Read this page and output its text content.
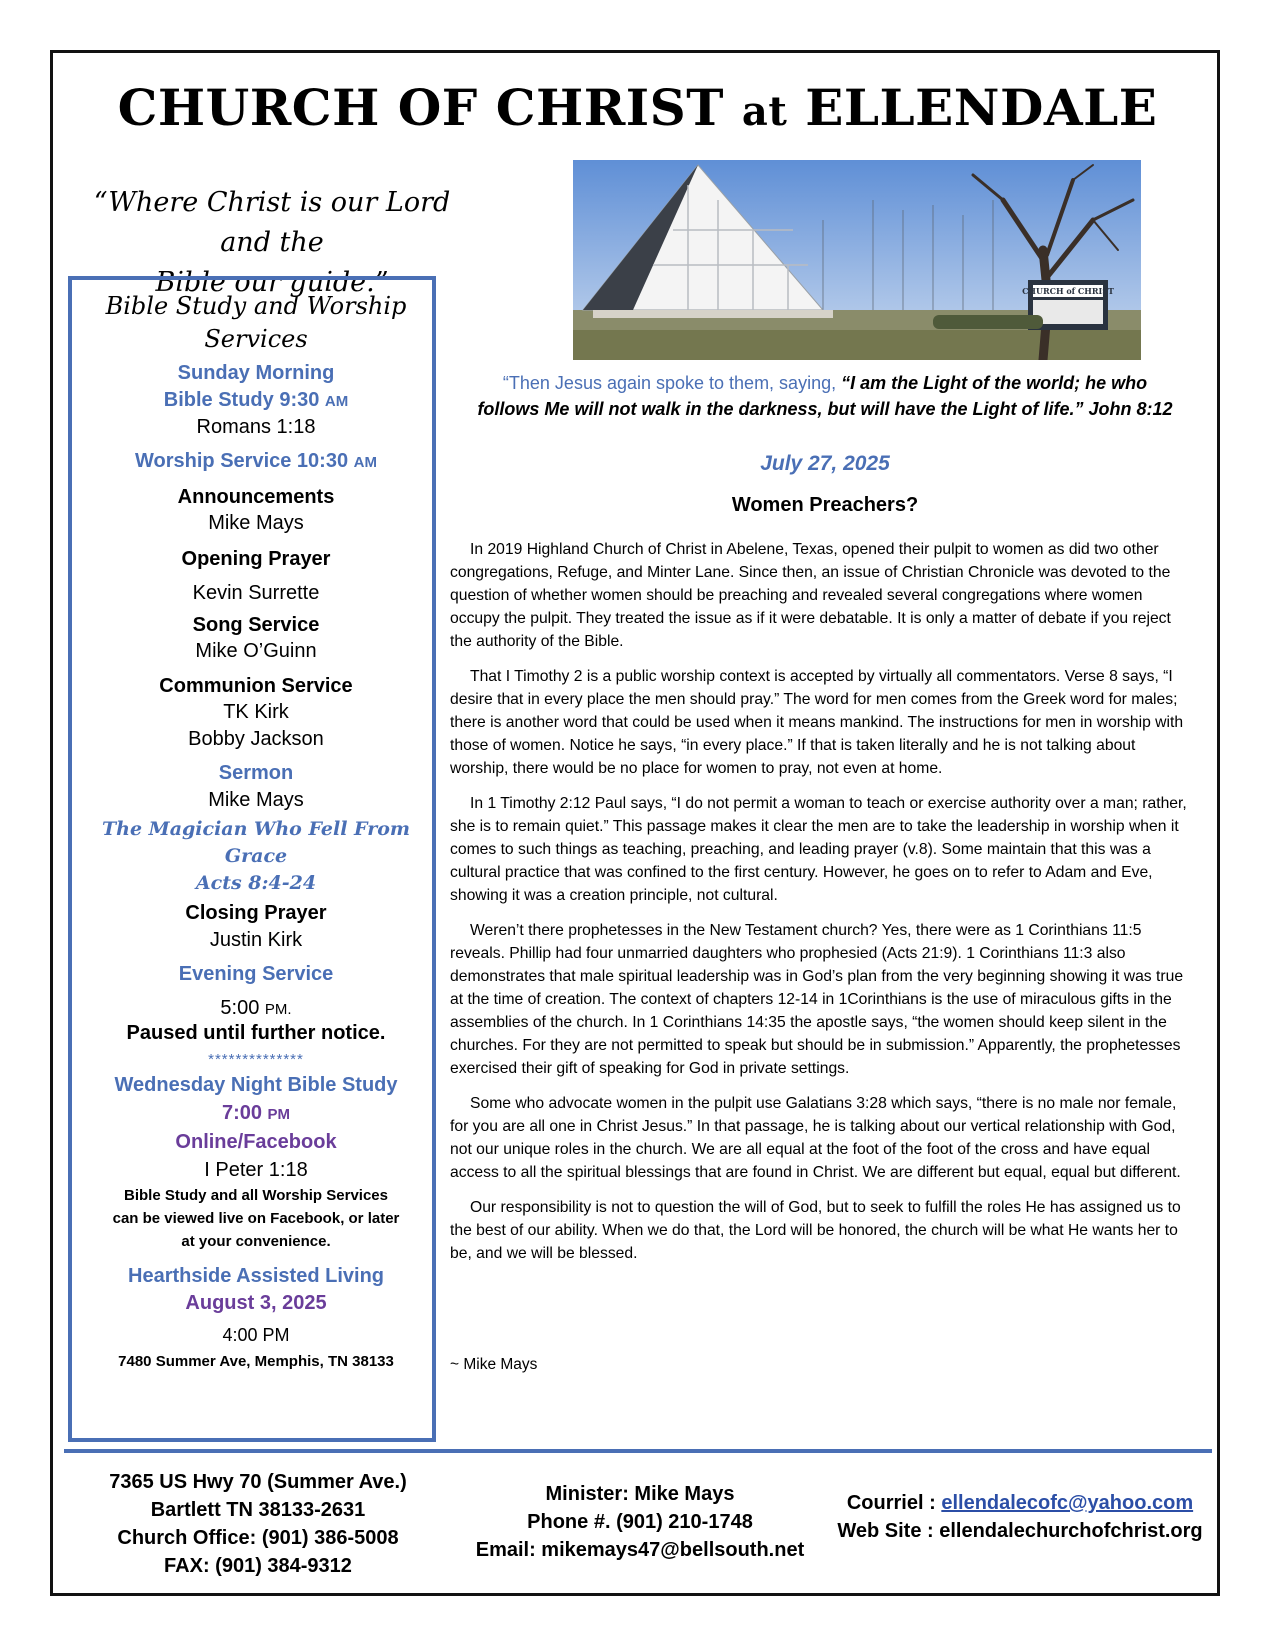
CHURCH OF CHRIST at ELLENDALE
“Where Christ is our Lord and the
Bible our guide.”
Bible Study and Worship
Services
Sunday Morning
Bible Study 9:30 AM
Romans 1:18
Worship Service 10:30 AM
Announcements
Mike Mays
Opening Prayer
Kevin Surrette
Song Service
Mike O’Guinn
Communion Service
TK Kirk
Bobby Jackson
Sermon
Mike Mays
The Magician Who Fell From
Grace
Acts 8:4-24
Closing Prayer
Justin Kirk
Evening Service
5:00 PM.
Paused until further notice.
**************
Wednesday Night Bible Study
7:00 PM
Online/Facebook
I Peter 1:18
Bible Study and all Worship Services
can be viewed live on Facebook, or later
at your convenience.
Hearthside Assisted Living
August 3, 2025
4:00 PM
7480 Summer Ave, Memphis, TN 38133
CHURCH of CHRIST
“Then Jesus again spoke to them, saying, “I am the Light of the world; he who
follows Me will not walk in the darkness, but will have the Light of life.” John 8:12
July 27, 2025
Women Preachers?

In 2019 Highland Church of Christ in Abelene, Texas, opened their pulpit to women as did two other congregations, Refuge, and Minter Lane. Since then, an issue of Christian Chronicle was devoted to the question of whether women should be preaching and revealed several congregations where women occupy the pulpit. They treated the issue as if it were debatable. It is only a matter of debate if you reject the authority of the Bible.

That I Timothy 2 is a public worship context is accepted by virtually all commentators. Verse 8 says, “I desire that in every place the men should pray.” The word for men comes from the Greek word for males; there is another word that could be used when it means mankind. The instructions for men in worship with those of women. Notice he says, “in every place.” If that is taken literally and he is not talking about worship, there would be no place for women to pray, not even at home.

In 1 Timothy 2:12 Paul says, “I do not permit a woman to teach or exercise authority over a man; rather, she is to remain quiet.” This passage makes it clear the men are to take the leadership in worship when it comes to such things as teaching, preaching, and leading prayer (v.8). Some maintain that this was a cultural practice that was confined to the first century. However, he goes on to refer to Adam and Eve, showing it was a creation principle, not cultural.

Weren’t there prophetesses in the New Testament church? Yes, there were as 1 Corinthians 11:5 reveals. Phillip had four unmarried daughters who prophesied (Acts 21:9). 1 Corinthians 11:3 also demonstrates that male spiritual leadership was in God’s plan from the very beginning showing it was true at the time of creation. The context of chapters 12-14 in 1Corinthians is the use of miraculous gifts in the assemblies of the church. In 1 Corinthians 14:35 the apostle says, “the women should keep silent in the churches. For they are not permitted to speak but should be in submission.” Apparently, the prophetesses exercised their gift of speaking for God in private settings.

Some who advocate women in the pulpit use Galatians 3:28 which says, “there is no male nor female, for you are all one in Christ Jesus.” In that passage, he is talking about our vertical relationship with God, not our unique roles in the church. We are all equal at the foot of the foot of the cross and have equal access to all the spiritual blessings that are found in Christ. We are different but equal, equal but different.

Our responsibility is not to question the will of God, but to seek to fulfill the roles He has assigned us to the best of our ability. When we do that, the Lord will be honored, the church will be what He wants her to be, and we will be blessed.

~ Mike Mays
7365 US Hwy 70 (Summer Ave.)
Bartlett TN 38133-2631
Church Office: (901) 386-5008
FAX: (901) 384-9312
Minister: Mike Mays
Phone #. (901) 210-1748
Email: mikemays47@bellsouth.net
Courriel : ellendalecofc@yahoo.com
Web Site : ellendalechurchofchrist.org
